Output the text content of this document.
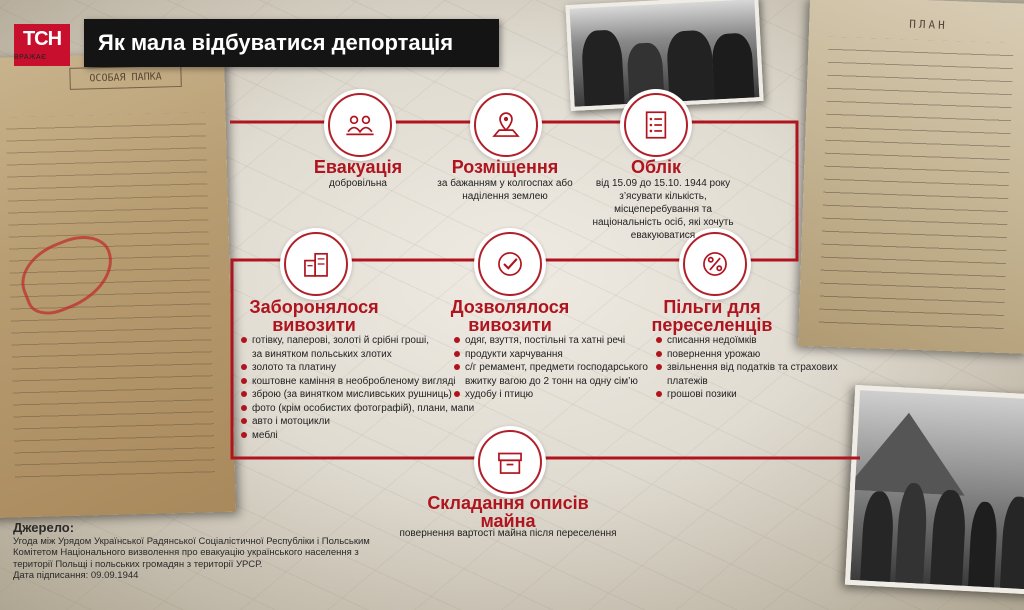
ОСОБАЯ ПАПКА
ПЛАН
ТСН
ВРАЖАЄ
Як мала відбуватися депортація
Евакуація
добровільна
Розміщення
за бажанням у колгоспах або наділення землею
Облік
від 15.09 до 15.10. 1944 року з’ясувати кількість, місцеперебування та національність осіб, які хочуть евакуюватися
Заборонялося вивозити
готівку, паперові, золоті й срібні гроші,
за винятком польських злотих
золото та платину
коштовне каміння в необробленому вигляді
зброю (за винятком мисливських рушниць)
фото (крім особистих фотографій), плани, мапи
авто і мотоцикли
меблі
Дозволялося вивозити
одяг, взуття, постільні та хатні речі
продукти харчування
с/г ремамент, предмети господарського
вжитку вагою до 2 тонн на одну сім’ю
худобу і птицю
Пільги для переселенців
списання недоїмків
повернення урожаю
звільнення від податків та страхових платежів
грошові позики
Складання описів майна
повернення вартості майна після переселення
Джерело:
Угода між Урядом Української Радянської Соціалістичної Республіки і Польським Комітетом Національного визволення про евакуацію українського населення з території Польщі і польських громадян з території УРСР.
Дата підписання: 09.09.1944
